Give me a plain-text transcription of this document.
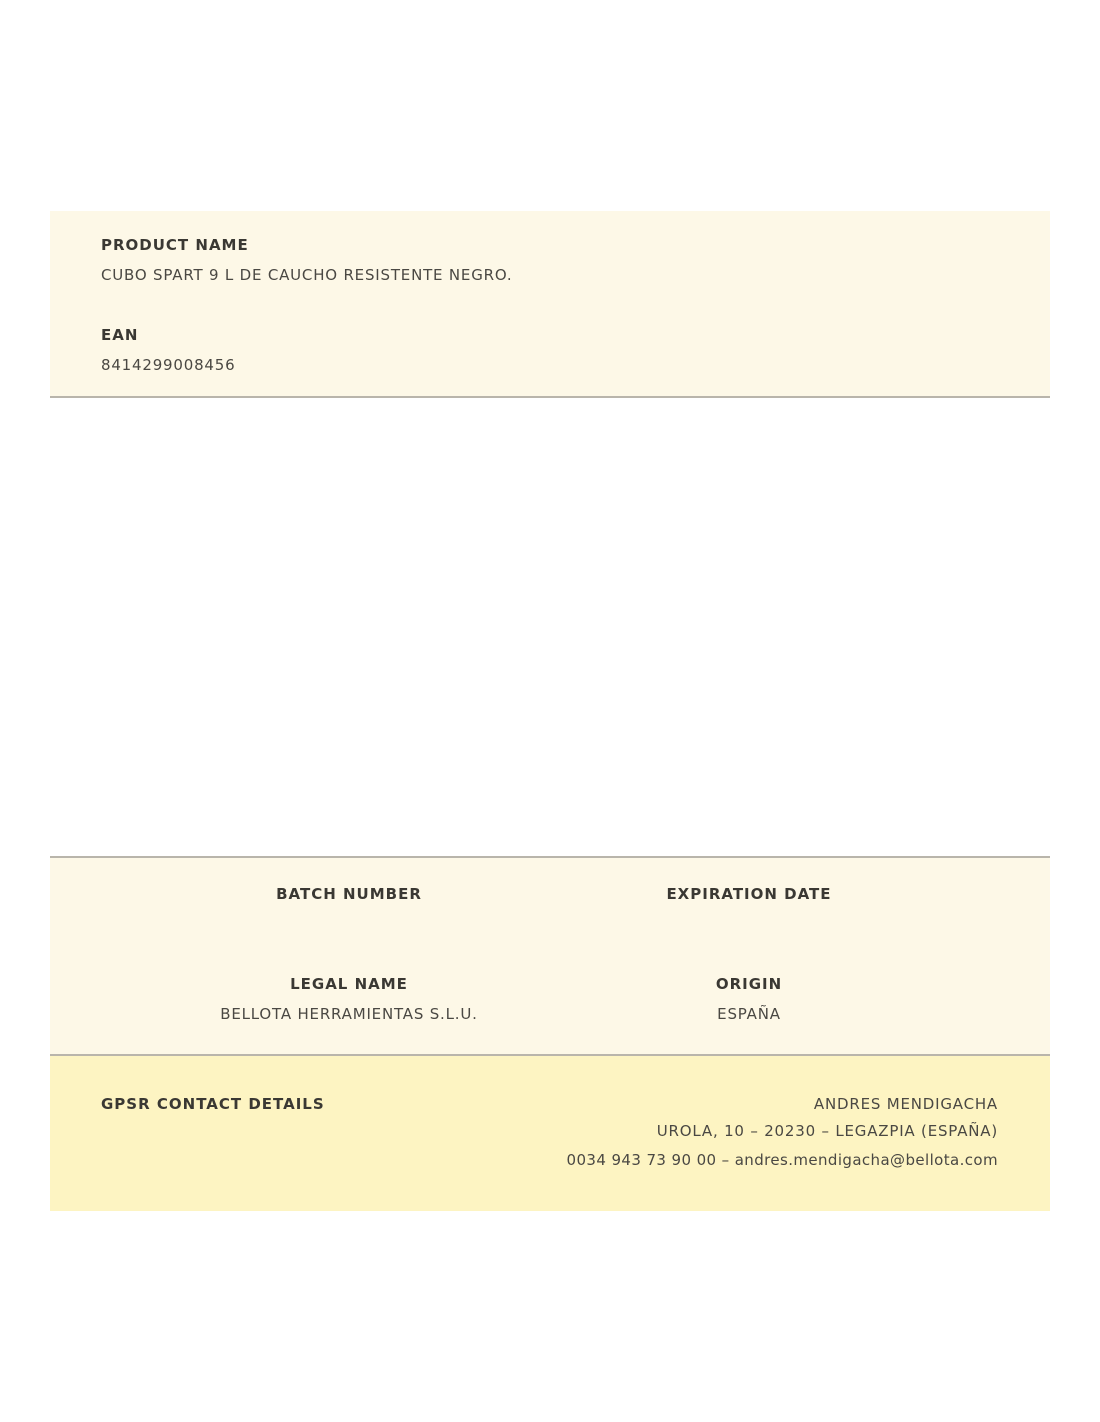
PRODUCT NAME
CUBO SPART 9 L DE CAUCHO RESISTENTE NEGRO.
EAN
8414299008456
BATCH NUMBER	EXPIRATION DATE
LEGAL NAME
BELLOTA HERRAMIENTAS S.L.U.
ORIGIN
ESPAÑA
GPSR CONTACT DETAILS	ANDRES MENDIGACHA
UROLA, 10 – 20230 – LEGAZPIA (ESPAÑA)
0034 943 73 90 00 – andres.mendigacha@bellota.com
